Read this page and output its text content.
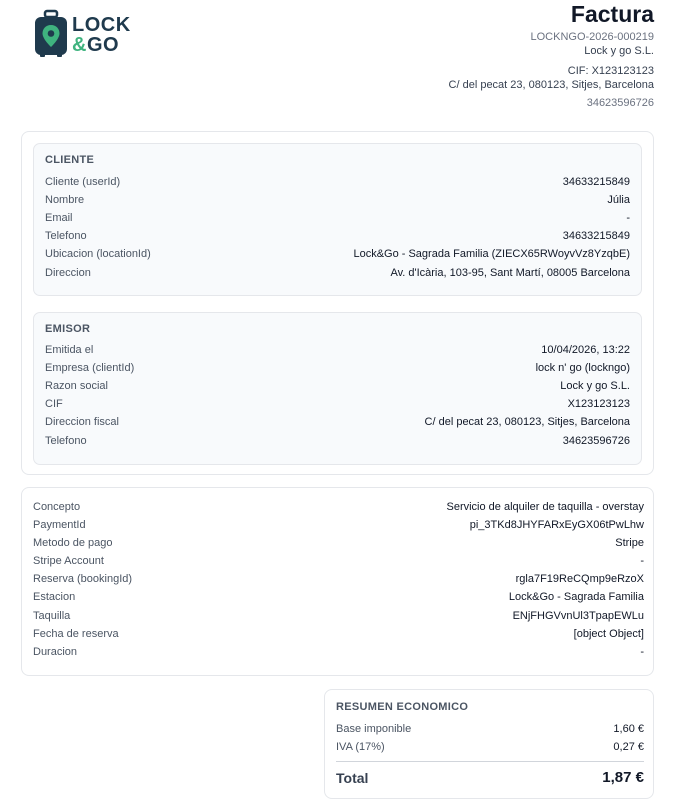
LOCK
&GO
Factura
LOCKNGO-2026-000219
Lock y go S.L.
CIF: X123123123
C/ del pecat 23, 080123, Sitjes, Barcelona
34623596726
CLIENTE
Cliente (userId)	34633215849
Nombre	Júlia
Email	-
Telefono	34633215849
Ubicacion (locationId)	Lock&Go - Sagrada Familia (ZIECX65RWoyvVz8YzqbE)
Direccion	Av. d'Icària, 103-95, Sant Martí, 08005 Barcelona
EMISOR
Emitida el	10/04/2026, 13:22
Empresa (clientId)	lock n' go (lockngo)
Razon social	Lock y go S.L.
CIF	X123123123
Direccion fiscal	C/ del pecat 23, 080123, Sitjes, Barcelona
Telefono	34623596726
Concepto	Servicio de alquiler de taquilla - overstay
PaymentId	pi_3TKd8JHYFARxEyGX06tPwLhw
Metodo de pago	Stripe
Stripe Account	-
Reserva (bookingId)	rgla7F19ReCQmp9eRzoX
Estacion	Lock&Go - Sagrada Familia
Taquilla	ENjFHGVvnUl3TpapEWLu
Fecha de reserva	[object Object]
Duracion	-
RESUMEN ECONOMICO
Base imponible	1,60 €
IVA (17%)	0,27 €
Total	1,87 €
